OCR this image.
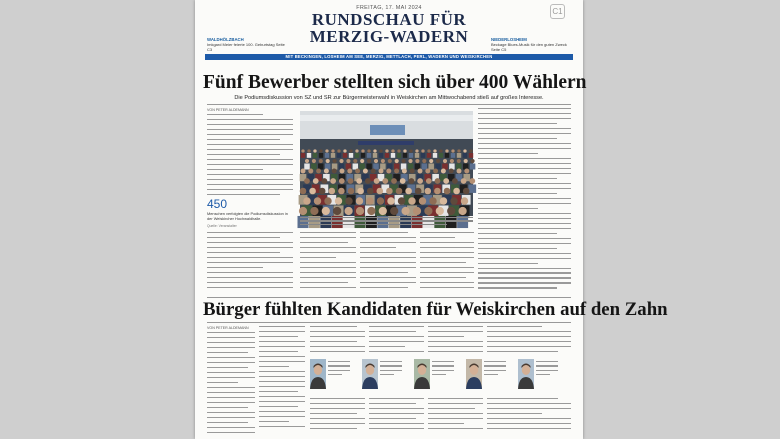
FREITAG, 17. MAI 2024	C1
RUNDSCHAU FÜR
MERZIG-WADERN
WALDHÖLZBACH
Imkgard Meier feierte 100. Geburtstag Seite C3
NIEDERLOSHEIM
Beckage Blues-Musik für den guten Zweck Seite C5
MIT BECKINGEN, LOSHEIM AM SEE, MERZIG, METTLACH, PERL, WADERN UND WEISKIRCHEN
Fünf Bewerber stellten sich über 400 Wählern
Die Podiumsdiskussion von SZ und SR zur Bürgermeisterwahl in Weiskirchen am Mittwochabend stieß auf großes Interesse.
VON PETER ALDEMANN
450
Menschen verfolgten die Podiumsdiskussion in der Weiskircher Hochwaldhalle.
Quelle: Veranstalter
Bürger fühlten Kandidaten für Weiskirchen auf den Zahn
VON PETER ALDEMANN
